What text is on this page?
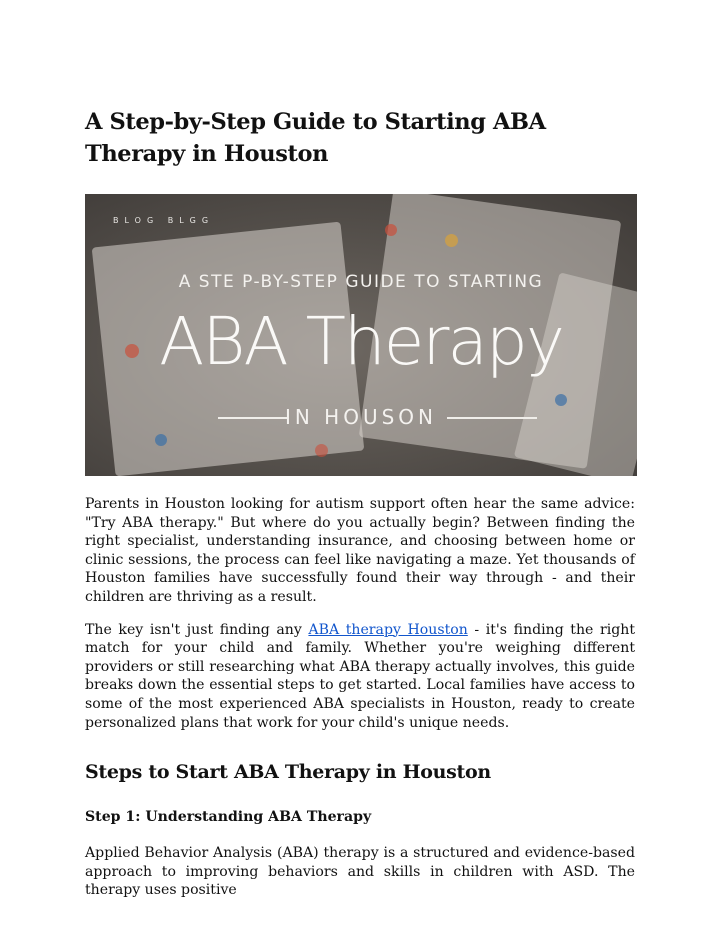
A Step-by-Step Guide to Starting ABA Therapy in Houston
BLOG BLGG
A STE P-BY-STEP GUIDE TO STARTING
ABA Therapy
IN HOUSON

Parents in Houston looking for autism support often hear the same advice: "Try ABA therapy." But where do you actually begin? Between finding the right specialist, understanding insurance, and choosing between home or clinic sessions, the process can feel like navigating a maze. Yet thousands of Houston families have successfully found their way through - and their children are thriving as a result.

The key isn't just finding any ABA therapy Houston - it's finding the right match for your child and family. Whether you're weighing different providers or still researching what ABA therapy actually involves, this guide breaks down the essential steps to get started. Local families have access to some of the most experienced ABA specialists in Houston, ready to create personalized plans that work for your child's unique needs.

Steps to Start ABA Therapy in Houston
Step 1: Understanding ABA Therapy

Applied Behavior Analysis (ABA) therapy is a structured and evidence-based approach to improving behaviors and skills in children with ASD. The therapy uses positive
